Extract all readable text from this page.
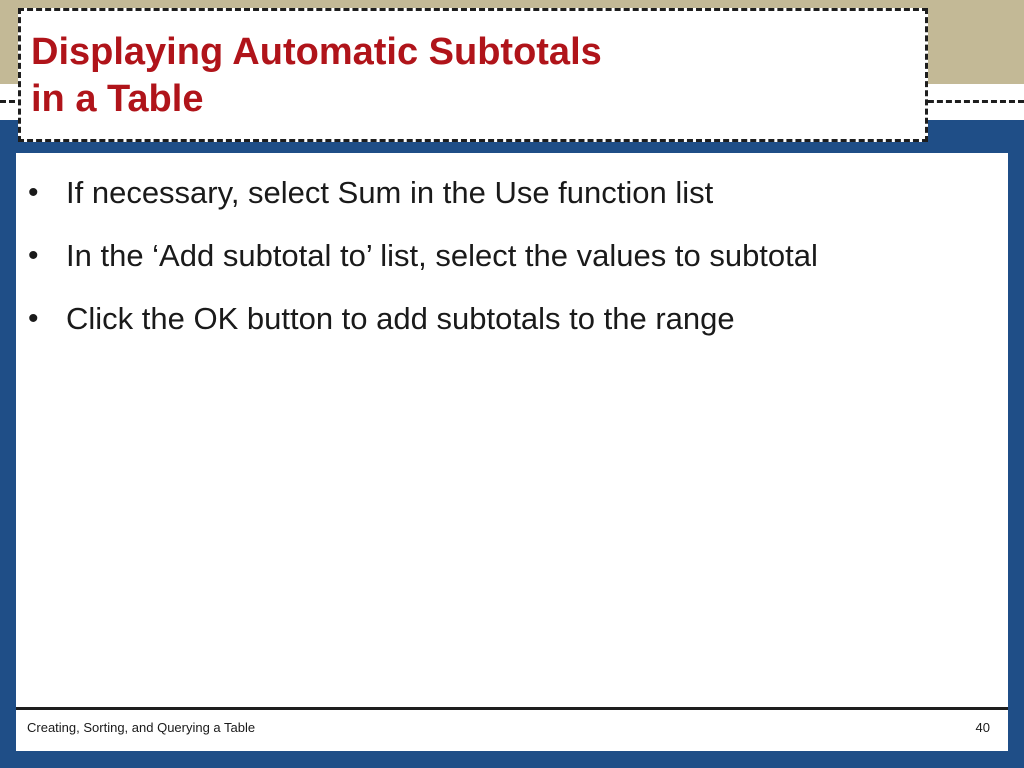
Displaying Automatic Subtotals
in a Table
• If necessary, select Sum in the Use function list
• In the ‘Add subtotal to’ list, select the values to subtotal
• Click the OK button to add subtotals to the range
Creating, Sorting, and Querying a Table	40
